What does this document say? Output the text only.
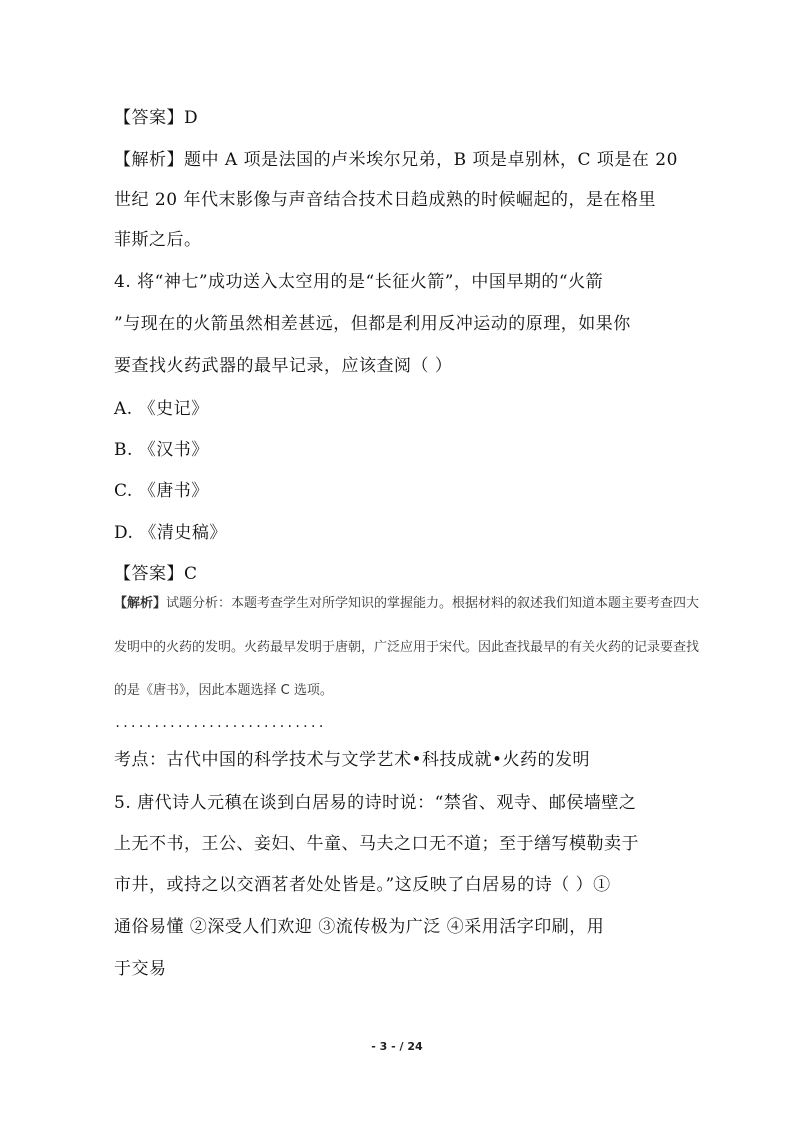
【答案】D
【解析】题中 A 项是法国的卢米埃尔兄弟，B 项是卓别林，C 项是在 20
世纪 20 年代末影像与声音结合技术日趋成熟的时候崛起的，是在格里
菲斯之后。
4. 将“神七”成功送入太空用的是“长征火箭”，中国早期的“火箭
”与现在的火箭虽然相差甚远，但都是利用反冲运动的原理，如果你
要查找火药武器的最早记录，应该查阅（ ）
A. 《史记》
B. 《汉书》
C. 《唐书》
D. 《清史稿》
【答案】C
【解析】试题分析：本题考查学生对所学知识的掌握能力。根据材料的叙述我们知道本题主要考查四大
发明中的火药的发明。火药最早发明于唐朝，广泛应用于宋代。因此查找最早的有关火药的记录要查找
的是《唐书》，因此本题选择 C 选项。
...........................
考点：古代中国的科学技术与文学艺术•科技成就•火药的发明
5. 唐代诗人元稹在谈到白居易的诗时说：“禁省、观寺、邮侯墙壁之
上无不书，王公、妾妇、牛童、马夫之口无不道；至于缮写模勒卖于
市井，或持之以交酒茗者处处皆是。”这反映了白居易的诗（ ）①
通俗易懂 ②深受人们欢迎 ③流传极为广泛 ④采用活字印刷，用
于交易
- 3 - / 24
